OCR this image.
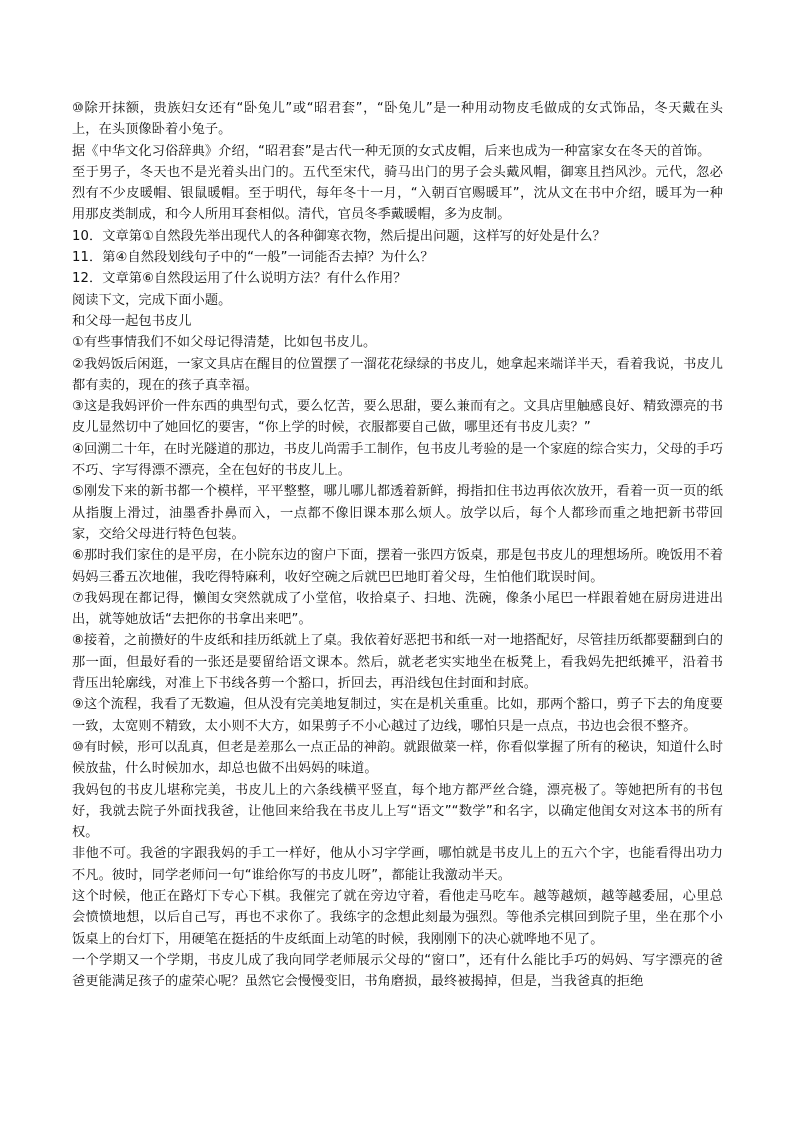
⑩除开抹额，贵族妇女还有“卧兔儿”或“昭君套”，“卧兔儿”是一种用动物皮毛做成的女式饰品，冬天戴在头上，在头顶像卧着小兔子。

据《中华文化习俗辞典》介绍，“昭君套”是古代一种无顶的女式皮帽，后来也成为一种富家女在冬天的首饰。

至于男子，冬天也不是光着头出门的。五代至宋代，骑马出门的男子会头戴风帽，御寒且挡风沙。元代，忽必烈有不少皮暖帽、银鼠暖帽。至于明代，每年冬十一月，“入朝百官赐暖耳”，沈从文在书中介绍，暖耳为一种用那皮类制成，和今人所用耳套相似。清代，官员冬季戴暖帽，多为皮制。

10．文章第①自然段先举出现代人的各种御寒衣物，然后提出问题，这样写的好处是什么？

11．第④自然段划线句子中的“一般”一词能否去掉？为什么？

12．文章第⑥自然段运用了什么说明方法？有什么作用？

阅读下文，完成下面小题。

和父母一起包书皮儿

①有些事情我们不如父母记得清楚，比如包书皮儿。

②我妈饭后闲逛，一家文具店在醒目的位置摆了一溜花花绿绿的书皮儿，她拿起来端详半天，看着我说，书皮儿都有卖的，现在的孩子真幸福。

③这是我妈评价一件东西的典型句式，要么忆苦，要么思甜，要么兼而有之。文具店里触感良好、精致漂亮的书皮儿显然切中了她回忆的要害，“你上学的时候，衣服都要自己做，哪里还有书皮儿卖？”

④回溯二十年，在时光隧道的那边，书皮儿尚需手工制作，包书皮儿考验的是一个家庭的综合实力，父母的手巧不巧、字写得漂不漂亮，全在包好的书皮儿上。

⑤刚发下来的新书都一个模样，平平整整，哪儿哪儿都透着新鲜，拇指扣住书边再依次放开，看着一页一页的纸从指腹上滑过，油墨香扑鼻而入，一点都不像旧课本那么烦人。放学以后，每个人都珍而重之地把新书带回家，交给父母进行特色包装。

⑥那时我们家住的是平房，在小院东边的窗户下面，摆着一张四方饭桌，那是包书皮儿的理想场所。晚饭用不着妈妈三番五次地催，我吃得特麻利，收好空碗之后就巴巴地盯着父母，生怕他们耽误时间。

⑦我妈现在都记得，懒闺女突然就成了小堂倌，收拾桌子、扫地、洗碗，像条小尾巴一样跟着她在厨房进进出出，就等她放话“去把你的书拿出来吧”。

⑧接着，之前攒好的牛皮纸和挂历纸就上了桌。我依着好恶把书和纸一对一地搭配好，尽管挂历纸都要翻到白的那一面，但最好看的一张还是要留给语文课本。然后，就老老实实地坐在板凳上，看我妈先把纸摊平，沿着书背压出轮廓线，对准上下书线各剪一个豁口，折回去，再沿线包住封面和封底。

⑨这个流程，我看了无数遍，但从没有完美地复制过，实在是机关重重。比如，那两个豁口，剪子下去的角度要一致，太宽则不精致，太小则不大方，如果剪子不小心越过了边线，哪怕只是一点点，书边也会很不整齐。

⑩有时候，形可以乱真，但老是差那么一点正品的神韵。就跟做菜一样，你看似掌握了所有的秘诀，知道什么时候放盐，什么时候加水，却总也做不出妈妈的味道。

我妈包的书皮儿堪称完美，书皮儿上的六条线横平竖直，每个地方都严丝合缝，漂亮极了。等她把所有的书包好，我就去院子外面找我爸，让他回来给我在书皮儿上写“语文”“数学”和名字，以确定他闺女对这本书的所有权。

非他不可。我爸的字跟我妈的手工一样好，他从小习字学画，哪怕就是书皮儿上的五六个字，也能看得出功力不凡。彼时，同学老师问一句“谁给你写的书皮儿呀”，都能让我激动半天。

这个时候，他正在路灯下专心下棋。我催完了就在旁边守着，看他走马吃车。越等越烦，越等越委屈，心里总会愤愤地想，以后自己写，再也不求你了。我练字的念想此刻最为强烈。等他杀完棋回到院子里，坐在那个小饭桌上的台灯下，用硬笔在挺括的牛皮纸面上动笔的时候，我刚刚下的决心就哗地不见了。

一个学期又一个学期，书皮儿成了我向同学老师展示父母的“窗口”，还有什么能比手巧的妈妈、写字漂亮的爸爸更能满足孩子的虚荣心呢？虽然它会慢慢变旧，书角磨损，最终被揭掉，但是，当我爸真的拒绝
